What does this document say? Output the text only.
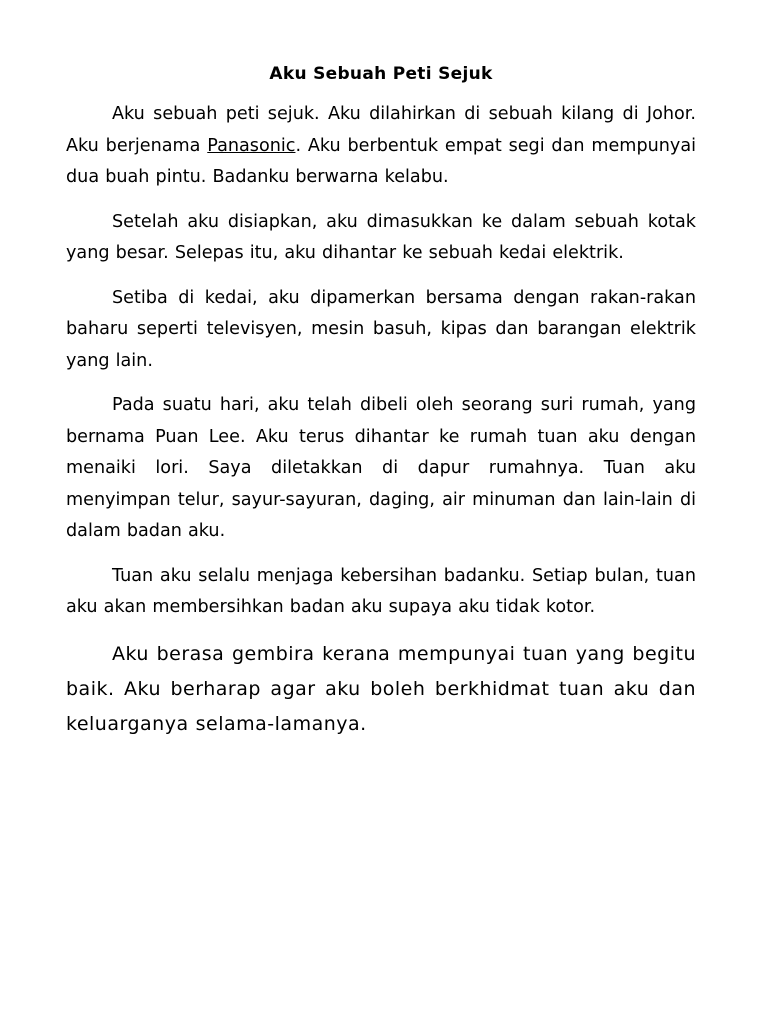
Aku Sebuah Peti Sejuk

Aku sebuah peti sejuk. Aku dilahirkan di sebuah kilang di Johor. Aku berjenama Panasonic. Aku berbentuk empat segi dan mempunyai dua buah pintu. Badanku berwarna kelabu.

Setelah aku disiapkan, aku dimasukkan ke dalam sebuah kotak yang besar. Selepas itu, aku dihantar ke sebuah kedai elektrik.

Setiba di kedai, aku dipamerkan bersama dengan rakan-rakan baharu seperti televisyen, mesin basuh, kipas dan barangan elektrik yang lain.

Pada suatu hari, aku telah dibeli oleh seorang suri rumah, yang bernama Puan Lee. Aku terus dihantar ke rumah tuan aku dengan menaiki lori. Saya diletakkan di dapur rumahnya. Tuan aku menyimpan telur, sayur-sayuran, daging, air minuman dan lain-lain di dalam badan aku.

Tuan aku selalu menjaga kebersihan badanku. Setiap bulan, tuan aku akan membersihkan badan aku supaya aku tidak kotor.

Aku berasa gembira kerana mempunyai tuan yang begitu baik. Aku berharap agar aku boleh berkhidmat tuan aku dan keluarganya selama-lamanya.
